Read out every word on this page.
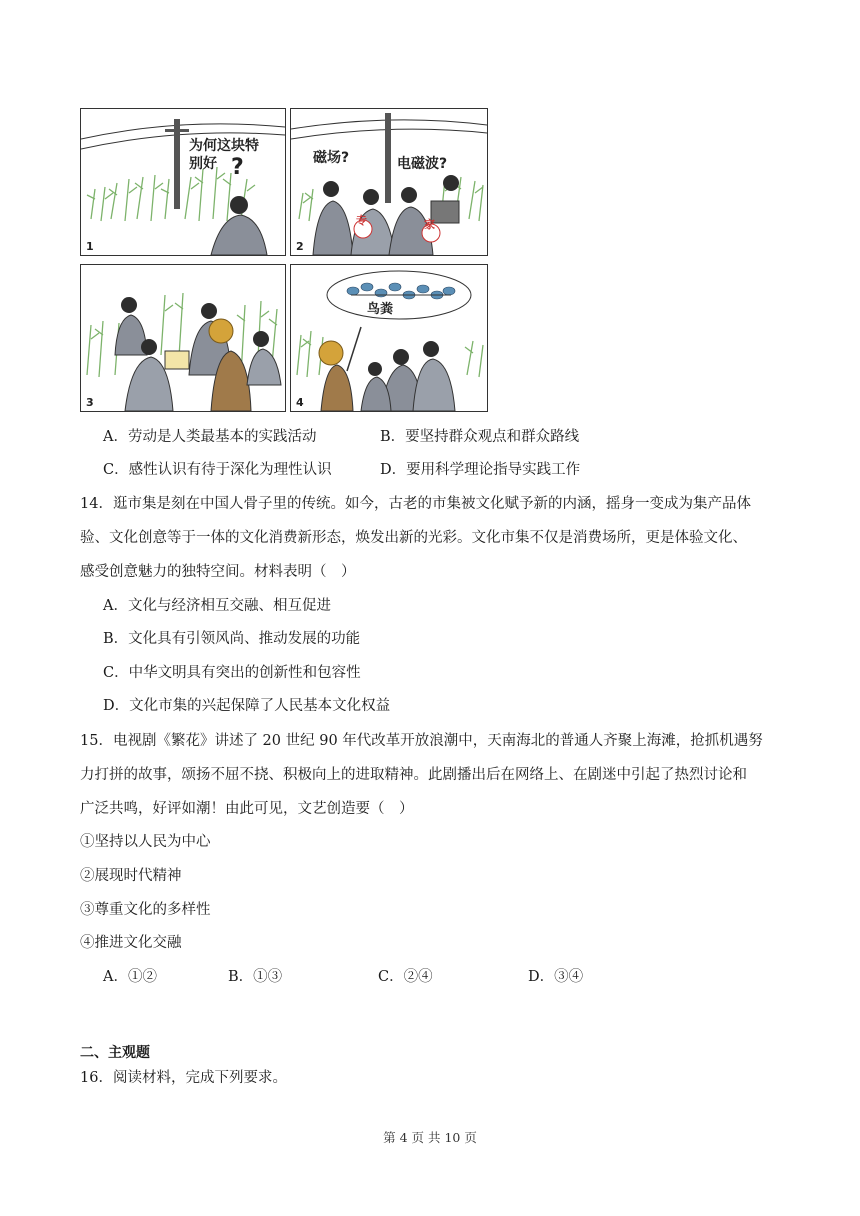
为何这块特
别好 ?
1
磁场?	电磁波?
专	家
2
3
鸟粪
4
A．劳动是人类最基本的实践活动	B．要坚持群众观点和群众路线
C．感性认识有待于深化为理性认识	D．要用科学理论指导实践工作
14．逛市集是刻在中国人骨子里的传统。如今，古老的市集被文化赋予新的内涵，摇身一变成为集产品体
验、文化创意等于一体的文化消费新形态，焕发出新的光彩。文化市集不仅是消费场所，更是体验文化、
感受创意魅力的独特空间。材料表明（　）
A．文化与经济相互交融、相互促进
B．文化具有引领风尚、推动发展的功能
C．中华文明具有突出的创新性和包容性
D．文化市集的兴起保障了人民基本文化权益
15．电视剧《繁花》讲述了 20 世纪 90 年代改革开放浪潮中，天南海北的普通人齐聚上海滩，抢抓机遇努
力打拼的故事，颂扬不屈不挠、积极向上的进取精神。此剧播出后在网络上、在剧迷中引起了热烈讨论和
广泛共鸣，好评如潮！由此可见，文艺创造要（　）
①坚持以人民为中心
②展现时代精神
③尊重文化的多样性
④推进文化交融
A．①②	B．①③	C．②④	D．③④
二、主观题
16．阅读材料，完成下列要求。
第 4 页 共 10 页
